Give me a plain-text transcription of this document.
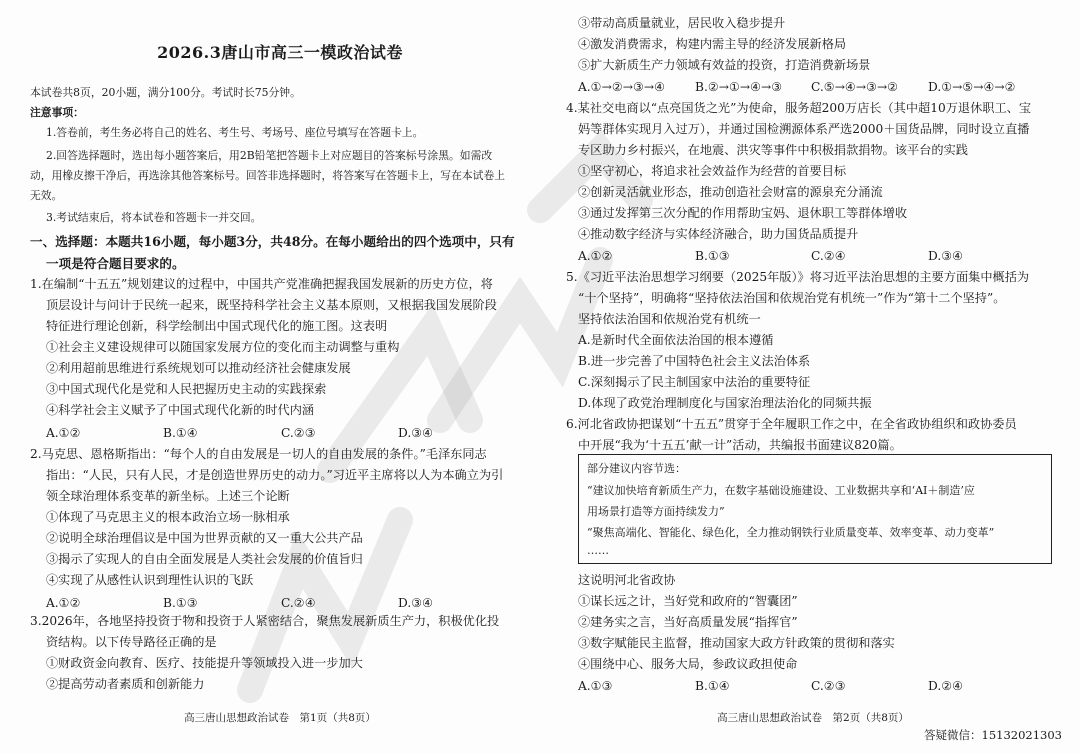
2026.3唐山市高三一模政治试卷
本试卷共8页，20小题，满分100分。考试时长75分钟。
注意事项：
1.答卷前，考生务必将自己的姓名、考生号、考场号、座位号填写在答题卡上。
2.回答选择题时，选出每小题答案后，用2B铅笔把答题卡上对应题目的答案标号涂黑。如需改
动，用橡皮擦干净后，再选涂其他答案标号。回答非选择题时，将答案写在答题卡上，写在本试卷上
无效。
3.考试结束后，将本试卷和答题卡一并交回。
一、选择题：本题共16小题，每小题3分，共48分。在每小题给出的四个选项中，只有
一项是符合题目要求的。
1.在编制“十五五”规划建议的过程中，中国共产党准确把握我国发展新的历史方位，将
顶层设计与问计于民统一起来，既坚持科学社会主义基本原则，又根据我国发展阶段
特征进行理论创新，科学绘制出中国式现代化的施工图。这表明
①社会主义建设规律可以随国家发展方位的变化而主动调整与重构
②利用超前思维进行系统规划可以推动经济社会健康发展
③中国式现代化是党和人民把握历史主动的实践探索
④科学社会主义赋予了中国式现代化新的时代内涵
A.①②	B.①④	C.②③	D.③④
2.马克思、恩格斯指出：“每个人的自由发展是一切人的自由发展的条件。”毛泽东同志
指出：“人民，只有人民，才是创造世界历史的动力。”习近平主席将以人为本确立为引
领全球治理体系变革的新坐标。上述三个论断
①体现了马克思主义的根本政治立场一脉相承
②说明全球治理倡议是中国为世界贡献的又一重大公共产品
③揭示了实现人的自由全面发展是人类社会发展的价值旨归
④实现了从感性认识到理性认识的飞跃
A.①②	B.①③	C.②④	D.③④
3.2026年，各地坚持投资于物和投资于人紧密结合，聚焦发展新质生产力，积极优化投
资结构。以下传导路径正确的是
①财政资金向教育、医疗、技能提升等领域投入进一步加大
②提高劳动者素质和创新能力
高三唐山思想政治试卷　第1页（共8页）
③带动高质量就业，居民收入稳步提升
④激发消费需求，构建内需主导的经济发展新格局
⑤扩大新质生产力领域有效益的投资，打造消费新场景
A.①→②→③→④ B.②→①→④→③ C.⑤→④→③→② D.①→⑤→④→②
4.某社交电商以“点亮国货之光”为使命，服务超200万店长（其中超10万退休职工、宝
妈等群体实现月入过万），并通过国检溯源体系严选2000＋国货品牌，同时设立直播
专区助力乡村振兴，在地震、洪灾等事件中积极捐款捐物。该平台的实践
①坚守初心，将追求社会效益作为经营的首要目标
②创新灵活就业形态，推动创造社会财富的源泉充分涌流
③通过发挥第三次分配的作用帮助宝妈、退休职工等群体增收
④推动数字经济与实体经济融合，助力国货品质提升
A.①②	B.①③	C.②④	D.③④
5.《习近平法治思想学习纲要（2025年版）》将习近平法治思想的主要方面集中概括为
“十个坚持”，明确将“坚持依法治国和依规治党有机统一”作为“第十二个坚持”。
坚持依法治国和依规治党有机统一
A.是新时代全面依法治国的根本遵循
B.进一步完善了中国特色社会主义法治体系
C.深刻揭示了民主制国家中法治的重要特征
D.体现了政党治理制度化与国家治理法治化的同频共振
6.河北省政协把谋划“十五五”贯穿于全年履职工作之中，在全省政协组织和政协委员
中开展“我为‘十五五’献一计”活动，共编报书面建议820篇。
部分建议内容节选：
“建议加快培育新质生产力，在数字基础设施建设、工业数据共享和‘AI＋制造’应
用场景打造等方面持续发力”
“聚焦高端化、智能化、绿色化，全力推动钢铁行业质量变革、效率变革、动力变革”
……
这说明河北省政协
①谋长远之计，当好党和政府的“智囊团”
②建务实之言，当好高质量发展“指挥官”
③数字赋能民主监督，推动国家大政方针政策的贯彻和落实
④围绕中心、服务大局，参政议政担使命
A.①③	B.①④	C.②③	D.②④
高三唐山思想政治试卷　第2页（共8页）
答疑微信：15132021303
